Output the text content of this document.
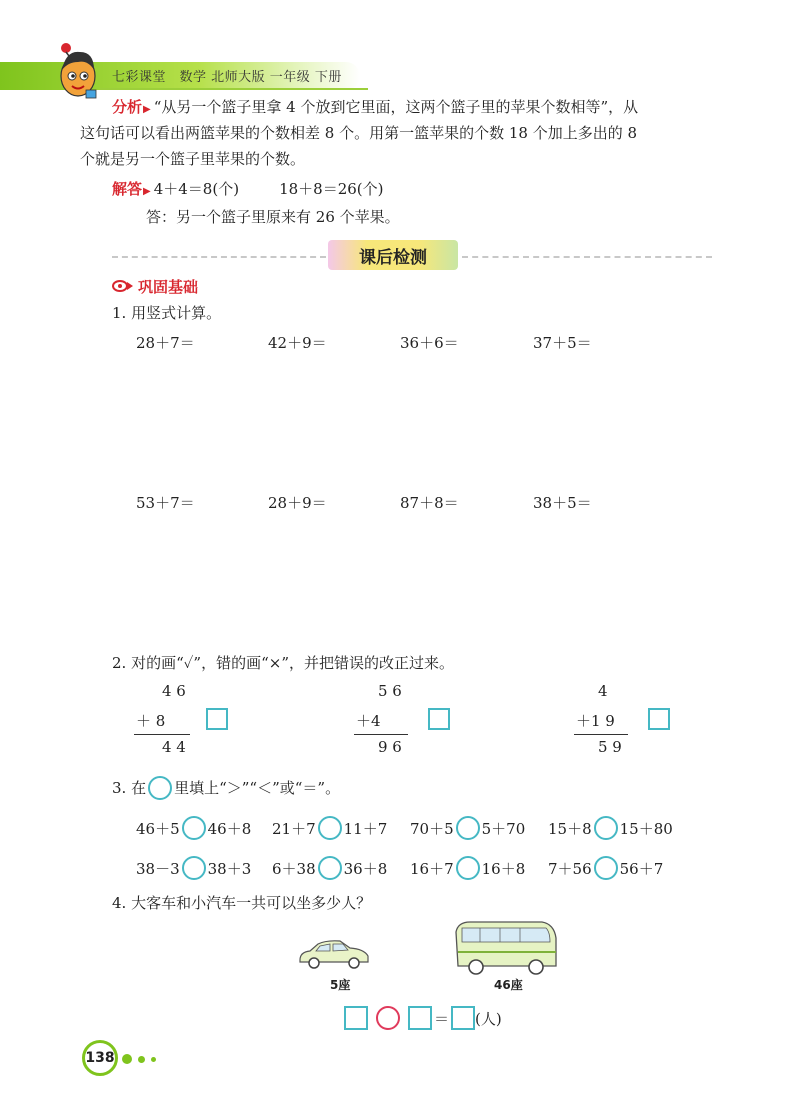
七彩课堂　数学 北师大版 一年级 下册
分析▶ “从另一个篮子里拿 4 个放到它里面，这两个篮子里的苹果个数相等”，从
这句话可以看出两篮苹果的个数相差 8 个。用第一篮苹果的个数 18 个加上多出的 8
个就是另一个篮子里苹果的个数。
解答▶ 4＋4＝8(个)	18＋8＝26(个)
答：另一个篮子里原来有 26 个苹果。
课后检测
巩固基础
1. 用竖式计算。
28＋7＝	42＋9＝	36＋6＝	37＋5＝
53＋7＝	28＋9＝	87＋8＝	38＋5＝
2. 对的画“✓”，错的画“×”，并把错误的改正过来。
4 6
＋ 8
4 4
5 6
＋4
9 6
4
＋1 9
5 9
3. 在 里填上“＞”“＜”或“＝”。
46＋5 46＋8 21＋7 11＋7 70＋5 5＋70 15＋8 15＋80
38－3 38＋3 6＋38 36＋8 16＋7 16＋8 7＋56 56＋7
4. 大客车和小汽车一共可以坐多少人？
5座	46座
＝ (人)
138
